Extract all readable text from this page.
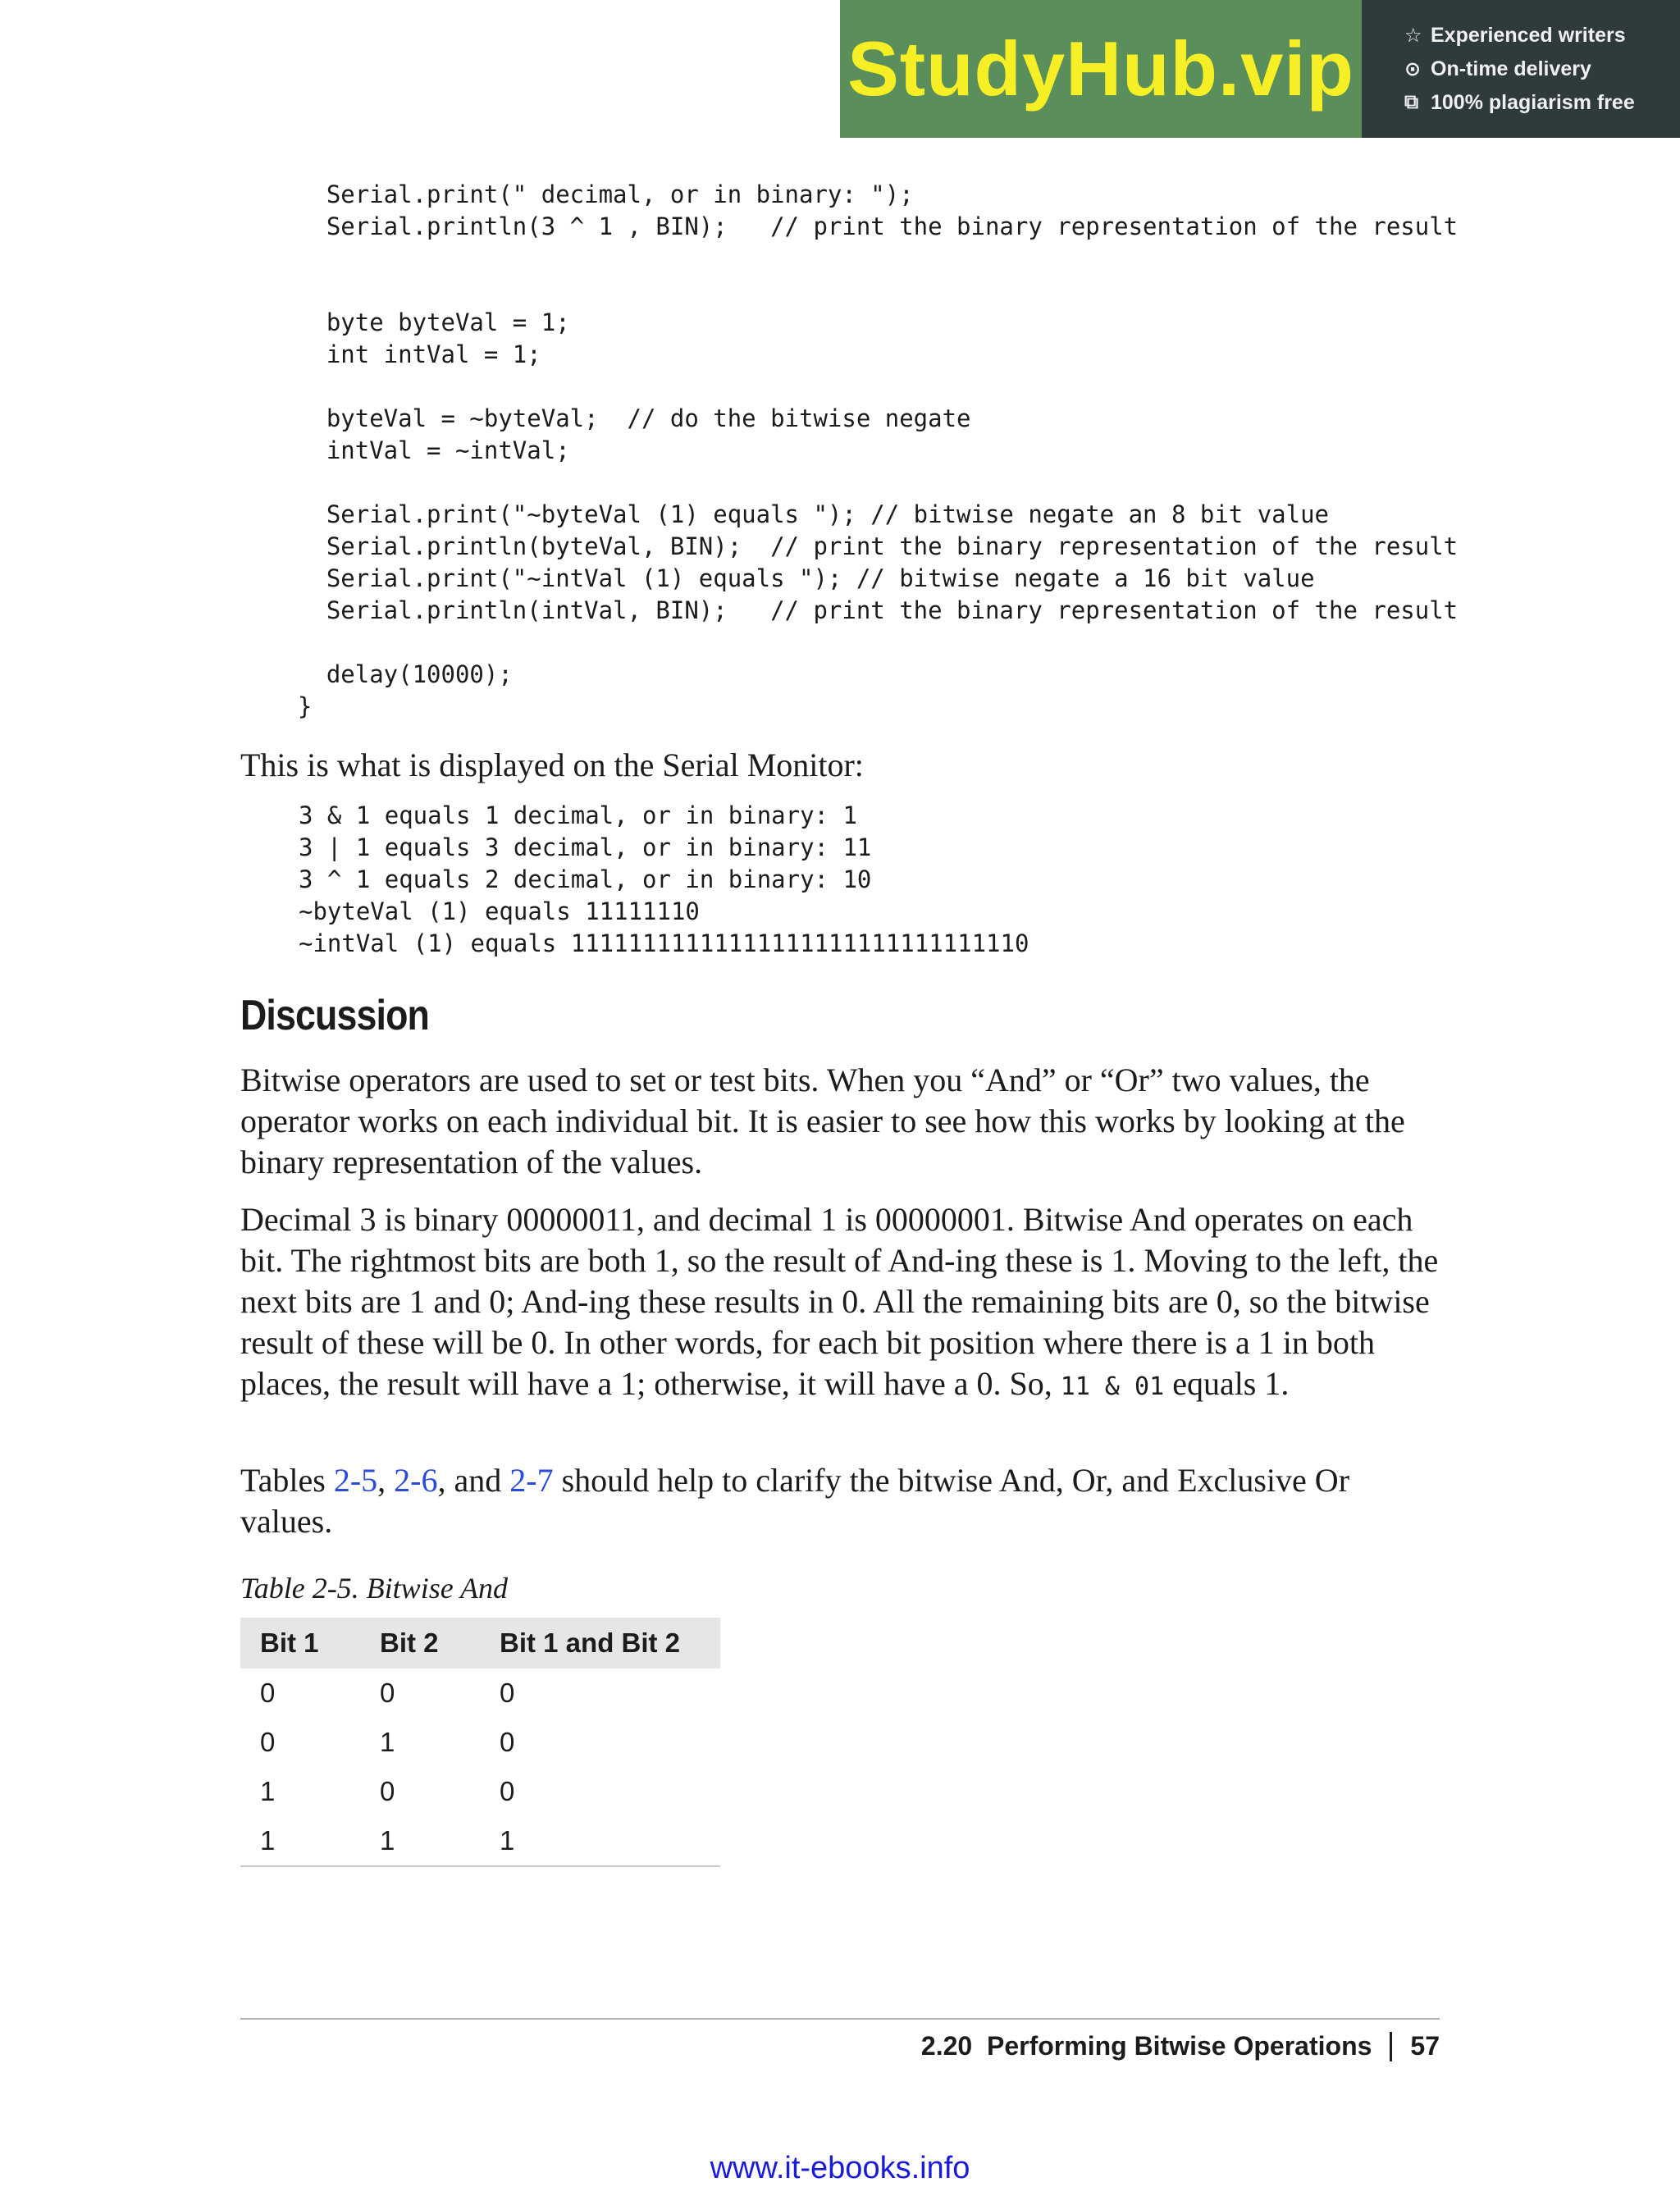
StudyHub.vip	☆ Experienced writers
⊙ On-time delivery
⧉ 100% plagiarism free
Serial.print(" decimal, or in binary: ");
Serial.println(3 ^ 1 , BIN);   // print the binary representation of the result
byte byteVal = 1;
int intVal = 1;
byteVal = ~byteVal;  // do the bitwise negate
intVal = ~intVal;
Serial.print("~byteVal (1) equals "); // bitwise negate an 8 bit value
Serial.println(byteVal, BIN);  // print the binary representation of the result
Serial.print("~intVal (1) equals "); // bitwise negate a 16 bit value
Serial.println(intVal, BIN);   // print the binary representation of the result
delay(10000);
}

This is what is displayed on the Serial Monitor:

3 & 1 equals 1 decimal, or in binary: 1
3 | 1 equals 3 decimal, or in binary: 11
3 ^ 1 equals 2 decimal, or in binary: 10
~byteVal (1) equals 11111110
~intVal (1) equals 11111111111111111111111111111110
Discussion

Bitwise operators are used to set or test bits. When you “And” or “Or” two values, the operator works on each individual bit. It is easier to see how this works by looking at the binary representation of the values.

Decimal 3 is binary 00000011, and decimal 1 is 00000001. Bitwise And operates on each bit. The rightmost bits are both 1, so the result of And-ing these is 1. Moving to the left, the next bits are 1 and 0; And-ing these results in 0. All the remaining bits are 0, so the bitwise result of these will be 0. In other words, for each bit position where there is a 1 in both places, the result will have a 1; otherwise, it will have a 0. So, 11 & 01 equals 1.

Tables 2-5, 2-6, and 2-7 should help to clarify the bitwise And, Or, and Exclusive Or values.

Table 2-5. Bitwise And

Bit 1	Bit 2	Bit 1 and Bit 2
0	0	0
0	1	0
1	0	0
1	1	1
2.20  Performing Bitwise Operations 57
www.it-ebooks.info
